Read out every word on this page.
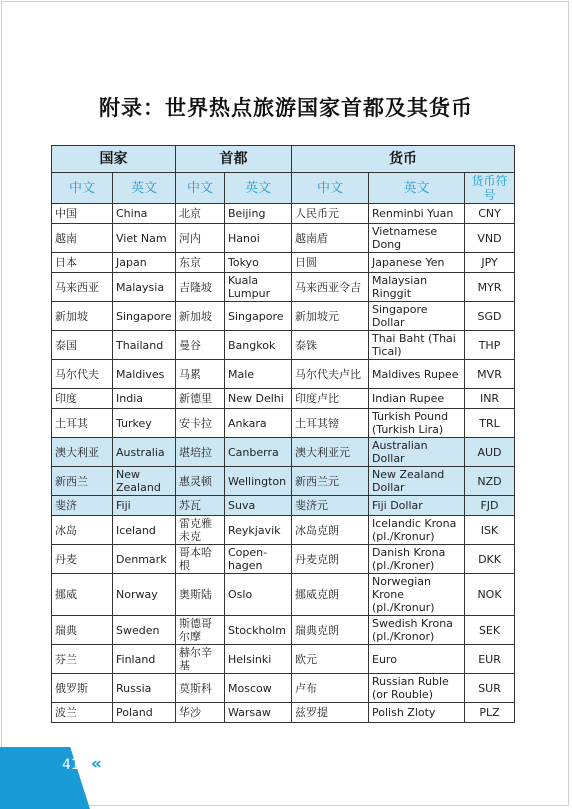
附录：世界热点旅游国家首都及其货币
国家		首都		货币		
中文	英文	中文	英文	中文	英文	货币符号
中国	China	北京	Beijing	人民币元	Renminbi Yuan	CNY
越南	Viet Nam	河内	Hanoi	越南盾	Vietnamese Dong	VND
日本	Japan	东京	Tokyo	日圆	Japanese Yen	JPY
马来西亚	Malaysia	吉隆坡	Kuala Lumpur	马来西亚令吉	Malaysian Ringgit	MYR
新加坡	Singapore	新加坡	Singapore	新加坡元	Singapore Dollar	SGD
泰国	Thailand	曼谷	Bangkok	泰铢	Thai Baht (Thai Tical)	THP
马尔代夫	Maldives	马累	Male	马尔代夫卢比	Maldives Rupee	MVR
印度	India	新德里	New Delhi	印度卢比	Indian Rupee	INR
土耳其	Turkey	安卡拉	Ankara	土耳其镑	Turkish Pound (Turkish Lira)	TRL
澳大利亚	Australia	堪培拉	Canberra	澳大利亚元	Australian Dollar	AUD
新西兰	New Zealand	惠灵顿	Wellington	新西兰元	New Zealand Dollar	NZD
斐济	Fiji	苏瓦	Suva	斐济元	Fiji Dollar	FJD
冰岛	Iceland	雷克雅未克	Reykjavik	冰岛克朗	Icelandic Krona (pl./Kronur)	ISK
丹麦	Denmark	哥本哈根	Copen-hagen	丹麦克朗	Danish Krona (pl./Kroner)	DKK
挪威	Norway	奥斯陆	Oslo	挪威克朗	Norwegian Krone (pl./Kronur)	NOK
瑞典	Sweden	斯德哥尔摩	Stockholm	瑞典克朗	Swedish Krona (pl./Kronor)	SEK
芬兰	Finland	赫尔辛基	Helsinki	欧元	Euro	EUR
俄罗斯	Russia	莫斯科	Moscow	卢布	Russian Ruble (or Rouble)	SUR
波兰	Poland	华沙	Warsaw	兹罗提	Polish Zloty	PLZ
418 «
